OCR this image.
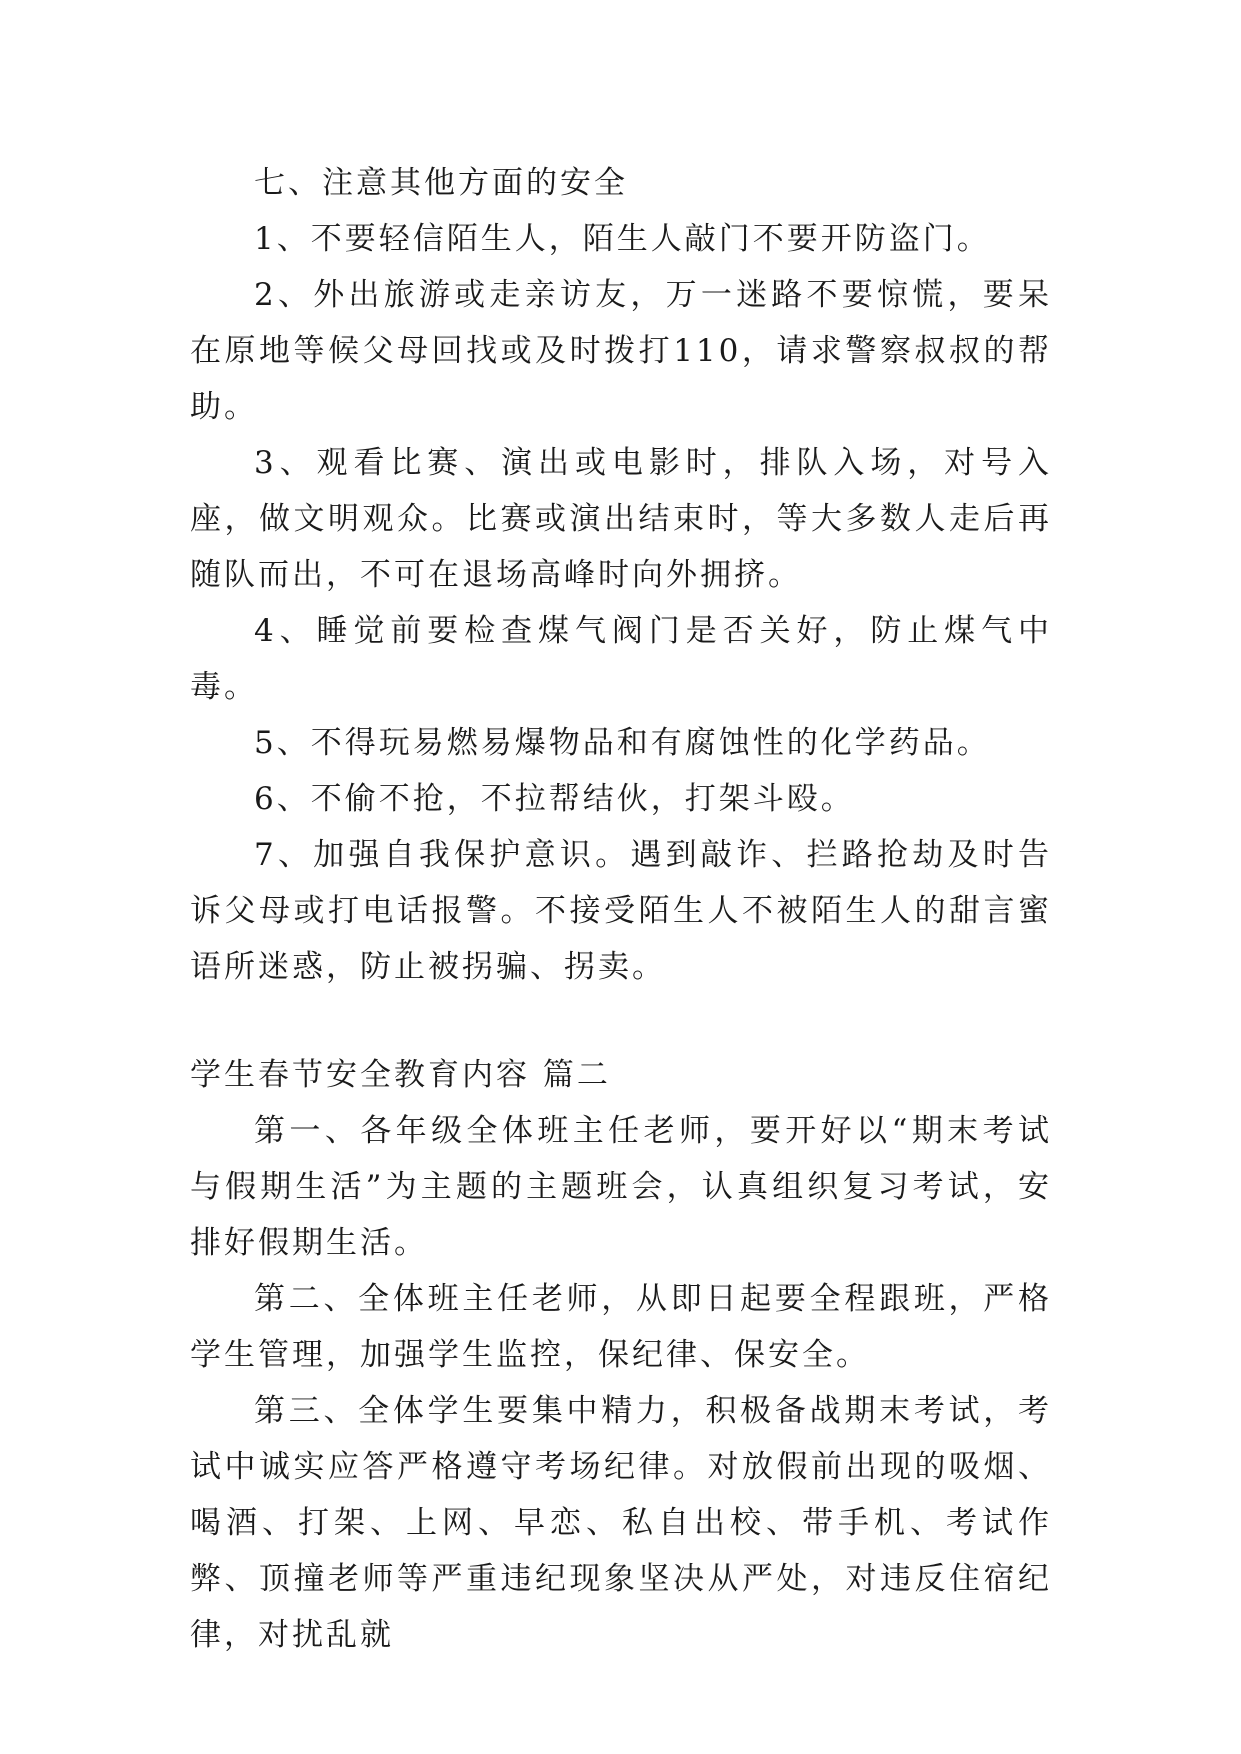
七、注意其他方面的安全

1、不要轻信陌生人，陌生人敲门不要开防盗门。

2、外出旅游或走亲访友，万一迷路不要惊慌，要呆在原地等候父母回找或及时拨打110，请求警察叔叔的帮助。

3、观看比赛、演出或电影时，排队入场，对号入座，做文明观众。比赛或演出结束时，等大多数人走后再随队而出，不可在退场高峰时向外拥挤。

4、睡觉前要检查煤气阀门是否关好，防止煤气中毒。

5、不得玩易燃易爆物品和有腐蚀性的化学药品。

6、不偷不抢，不拉帮结伙，打架斗殴。

7、加强自我保护意识。遇到敲诈、拦路抢劫及时告诉父母或打电话报警。不接受陌生人不被陌生人的甜言蜜语所迷惑，防止被拐骗、拐卖。

学生春节安全教育内容 篇二

第一、各年级全体班主任老师，要开好以“期末考试与假期生活”为主题的主题班会，认真组织复习考试，安排好假期生活。

第二、全体班主任老师，从即日起要全程跟班，严格学生管理，加强学生监控，保纪律、保安全。

第三、全体学生要集中精力，积极备战期末考试，考试中诚实应答严格遵守考场纪律。对放假前出现的吸烟、喝酒、打架、上网、早恋、私自出校、带手机、考试作弊、顶撞老师等严重违纪现象坚决从严处，对违反住宿纪律，对扰乱就
